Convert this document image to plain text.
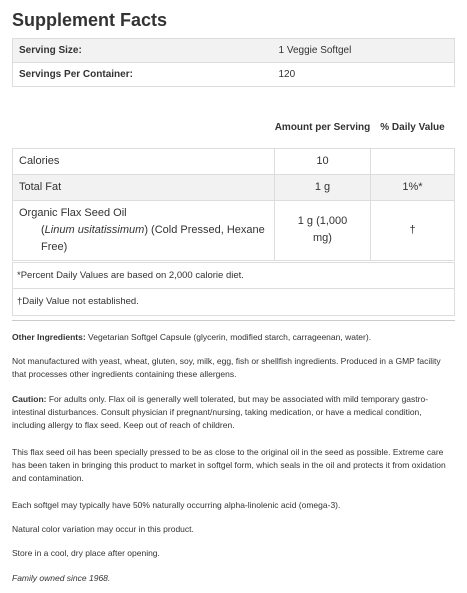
Supplement Facts
Serving Size:	1 Veggie Softgel
Servings Per Container:	120
	Amount per Serving	% Daily Value
Calories	10	
Total Fat	1 g	1%*
Organic Flax Seed Oil
(Linum usitatissimum) (Cold Pressed, Hexane Free)	1 g (1,000 mg)	†
*Percent Daily Values are based on 2,000 calorie diet.
†Daily Value not established.

Other Ingredients: Vegetarian Softgel Capsule (glycerin, modified starch, carrageenan, water).

Not manufactured with yeast, wheat, gluten, soy, milk, egg, fish or shellfish ingredients. Produced in a GMP facility that processes other ingredients containing these allergens.

Caution: For adults only. Flax oil is generally well tolerated, but may be associated with mild temporary gastro-intestinal disturbances. Consult physician if pregnant/nursing, taking medication, or have a medical condition, including allergy to flax seed. Keep out of reach of children.

This flax seed oil has been specially pressed to be as close to the original oil in the seed as possible. Extreme care has been taken in bringing this product to market in softgel form, which seals in the oil and protects it from oxidation and contamination.

Each softgel may typically have 50% naturally occurring alpha-linolenic acid (omega-3).

Natural color variation may occur in this product.

Store in a cool, dry place after opening.

Family owned since 1968.
